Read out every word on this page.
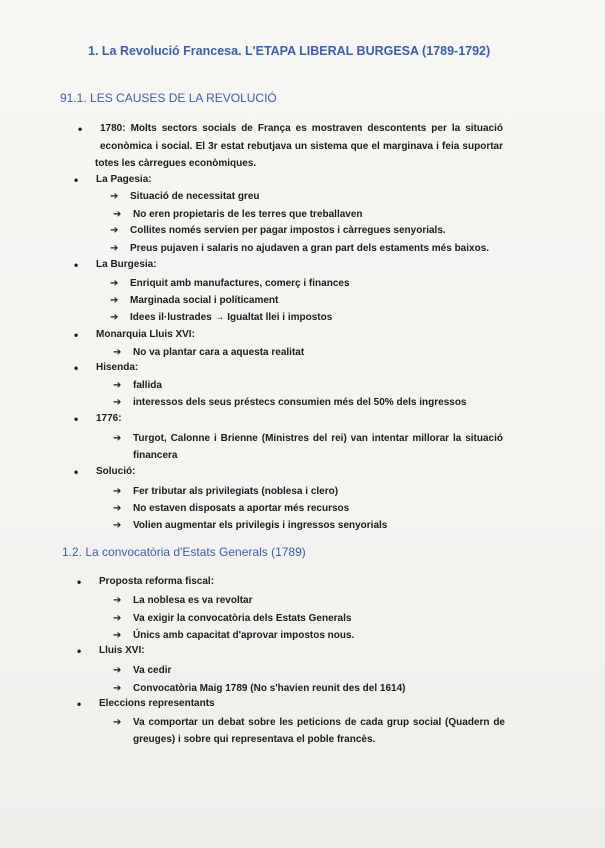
1. La Revolució Francesa. L'ETAPA LIBERAL BURGESA (1789-1792)
91.1. LES CAUSES DE LA REVOLUCIÓ
• 1780: Molts sectors socials de França es mostraven descontents per la situació
econòmica i social. El 3r estat rebutjava un sistema que el marginava i feia suportar
totes les càrregues econòmiques.
• La Pagesia:
➔ Situació de necessitat greu
➔ No eren propietaris de les terres que treballaven
➔ Collites només servien per pagar impostos i càrregues senyorials.
➔ Preus pujaven i salaris no ajudaven a gran part dels estaments més baixos.
• La Burgesia:
➔ Enriquit amb manufactures, comerç i finances
➔ Marginada social i políticament
➔ Idees il·lustrades → Igualtat llei i impostos
• Monarquia Lluis XVI:
➔ No va plantar cara a aquesta realitat
• Hisenda:
➔ fallida
➔ interessos dels seus préstecs consumien més del 50% dels ingressos
• 1776:
➔ Turgot, Calonne i Brienne (Ministres del rei) van intentar millorar la situació
financera
• Solució:
➔ Fer tributar als privilegiats (noblesa i clero)
➔ No estaven disposats a aportar més recursos
➔ Volien augmentar els privilegis i ingressos senyorials
1.2. La convocatòria d'Estats Generals (1789)
• Proposta reforma fiscal:
➔ La noblesa es va revoltar
➔ Va exigir la convocatòria dels Estats Generals
➔ Únics amb capacitat d'aprovar impostos nous.
• Lluis XVI:
➔ Va cedir
➔ Convocatòria Maig 1789 (No s'havien reunit des del 1614)
• Eleccions representants
➔ Va comportar un debat sobre les peticions de cada grup social (Quadern de
greuges) i sobre qui representava el poble francès.
